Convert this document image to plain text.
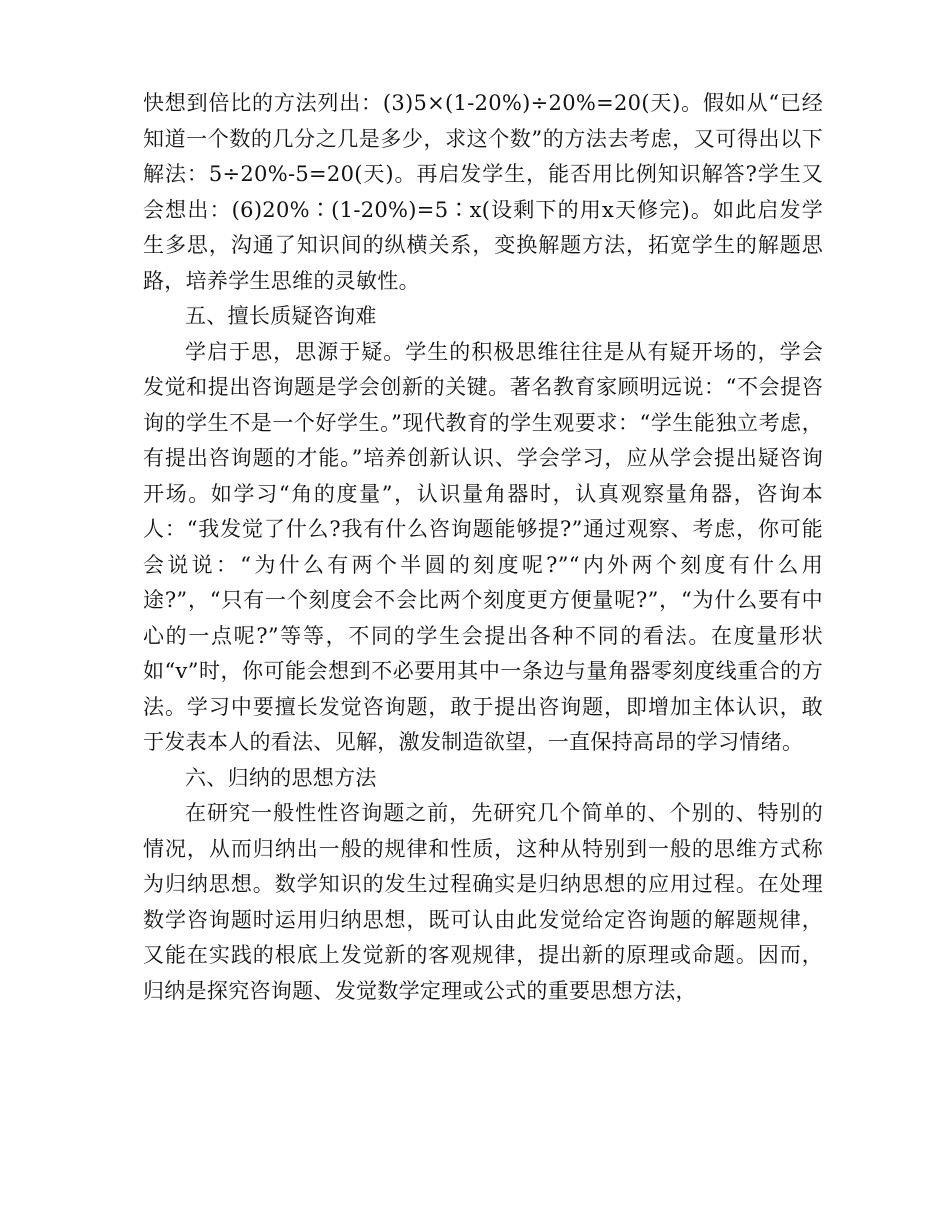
快想到倍比的方法列出：(3)5×(1-20%)÷20%=20(天)。假如从“已经知道一个数的几分之几是多少，求这个数”的方法去考虑，又可得出以下解法：5÷20%-5=20(天)。再启发学生，能否用比例知识解答?学生又会想出：(6)20%∶(1-20%)=5∶x(设剩下的用x天修完)。如此启发学生多思，沟通了知识间的纵横关系，变换解题方法，拓宽学生的解题思路，培养学生思维的灵敏性。

五、擅长质疑咨询难

学启于思，思源于疑。学生的积极思维往往是从有疑开场的，学会发觉和提出咨询题是学会创新的关键。著名教育家顾明远说：“不会提咨询的学生不是一个好学生。”现代教育的学生观要求：“学生能独立考虑，有提出咨询题的才能。”培养创新认识、学会学习，应从学会提出疑咨询开场。如学习“角的度量”，认识量角器时，认真观察量角器，咨询本人：“我发觉了什么?我有什么咨询题能够提?”通过观察、考虑，你可能会说说：“为什么有两个半圆的刻度呢?”“内外两个刻度有什么用途?”，“只有一个刻度会不会比两个刻度更方便量呢?”，“为什么要有中心的一点呢?”等等，不同的学生会提出各种不同的看法。在度量形状如“v”时，你可能会想到不必要用其中一条边与量角器零刻度线重合的方法。学习中要擅长发觉咨询题，敢于提出咨询题，即增加主体认识，敢于发表本人的看法、见解，激发制造欲望，一直保持高昂的学习情绪。

六、归纳的思想方法

在研究一般性性咨询题之前，先研究几个简单的、个别的、特别的情况，从而归纳出一般的规律和性质，这种从特别到一般的思维方式称为归纳思想。数学知识的发生过程确实是归纳思想的应用过程。在处理数学咨询题时运用归纳思想，既可认由此发觉给定咨询题的解题规律，又能在实践的根底上发觉新的客观规律，提出新的原理或命题。因而，归纳是探究咨询题、发觉数学定理或公式的重要思想方法，
